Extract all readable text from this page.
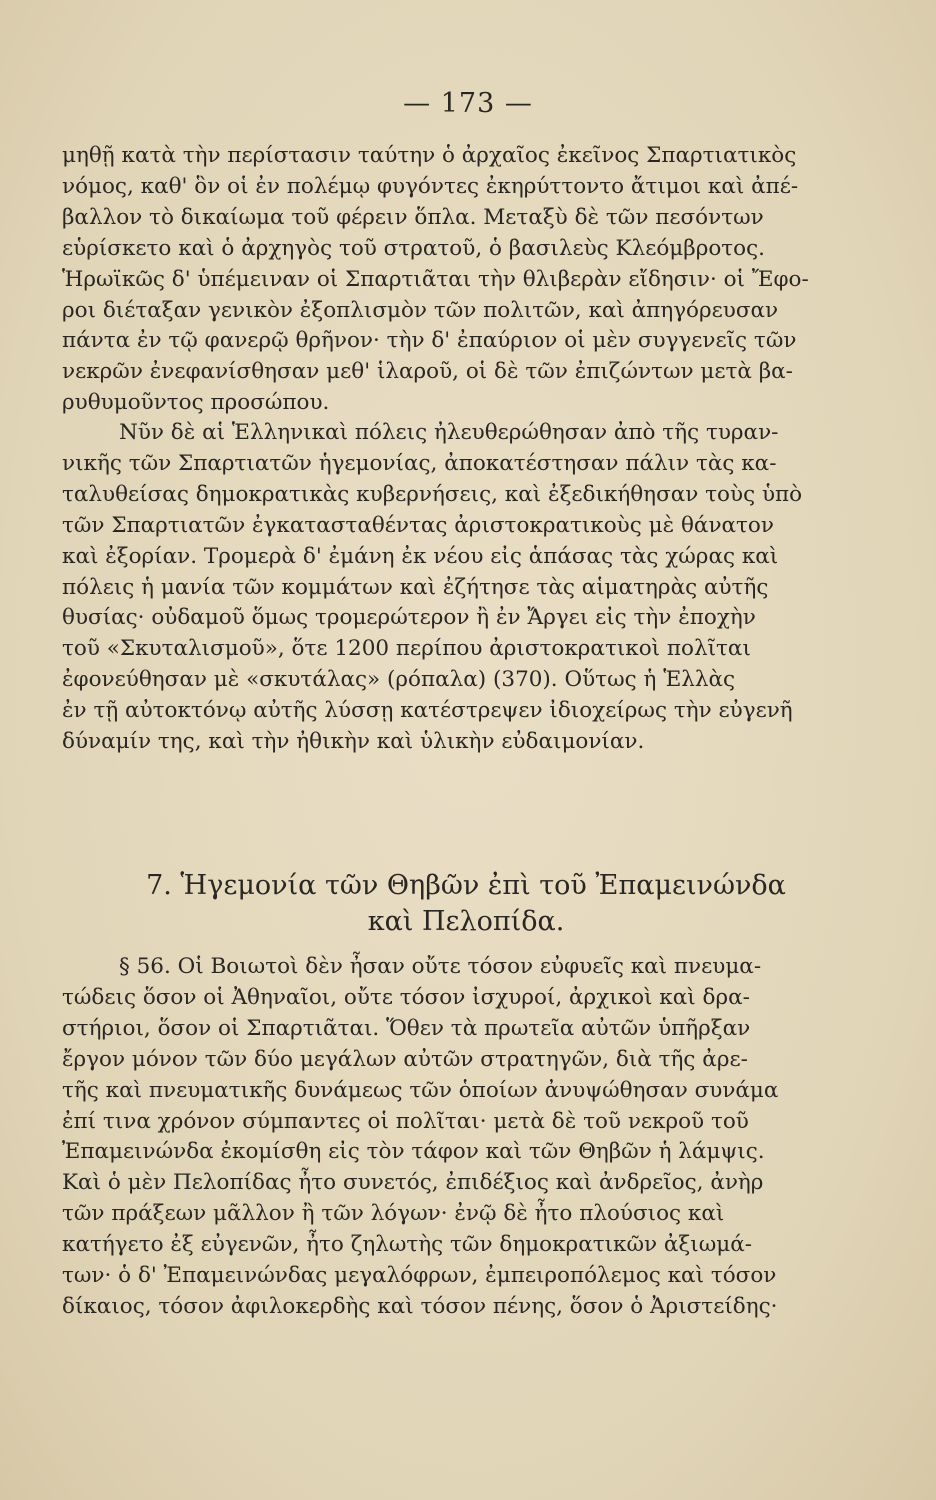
— 173 —
μηθῇ κατὰ τὴν περίστασιν ταύτην ὁ ἀρχαῖος ἐκεῖνος Σπαρτιατικὸς
νόμος, καθ' ὃν οἱ ἐν πολέμῳ φυγόντες ἐκηρύττοντο ἄτιμοι καὶ ἀπέ-
βαλλον τὸ δικαίωμα τοῦ φέρειν ὅπλα. Μεταξὺ δὲ τῶν πεσόντων
εὑρίσκετο καὶ ὁ ἀρχηγὸς τοῦ στρατοῦ, ὁ βασιλεὺς Κλεόμβροτος.
Ἡρωϊκῶς δ' ὑπέμειναν οἱ Σπαρτιᾶται τὴν θλιβερὰν εἴδησιν· οἱ Ἔφο-
ροι διέταξαν γενικὸν ἐξοπλισμὸν τῶν πολιτῶν, καὶ ἀπηγόρευσαν
πάντα ἐν τῷ φανερῷ θρῆνον· τὴν δ' ἐπαύριον οἱ μὲν συγγενεῖς τῶν
νεκρῶν ἐνεφανίσθησαν μεθ' ἱλαροῦ, οἱ δὲ τῶν ἐπιζώντων μετὰ βα-
ρυθυμοῦντος προσώπου.
Νῦν δὲ αἱ Ἑλληνικαὶ πόλεις ἠλευθερώθησαν ἀπὸ τῆς τυραν-
νικῆς τῶν Σπαρτιατῶν ἡγεμονίας, ἀποκατέστησαν πάλιν τὰς κα-
ταλυθείσας δημοκρατικὰς κυβερνήσεις, καὶ ἐξεδικήθησαν τοὺς ὑπὸ
τῶν Σπαρτιατῶν ἐγκατασταθέντας ἀριστοκρατικοὺς μὲ θάνατον
καὶ ἐξορίαν. Τρομερὰ δ' ἐμάνη ἐκ νέου εἰς ἁπάσας τὰς χώρας καὶ
πόλεις ἡ μανία τῶν κομμάτων καὶ ἐζήτησε τὰς αἱματηρὰς αὐτῆς
θυσίας· οὐδαμοῦ ὅμως τρομερώτερον ἢ ἐν Ἄργει εἰς τὴν ἐποχὴν
τοῦ «Σκυταλισμοῦ», ὅτε 1200 περίπου ἀριστοκρατικοὶ πολῖται
ἐφονεύθησαν μὲ «σκυτάλας» (ρόπαλα) (370). Οὕτως ἡ Ἑλλὰς
ἐν τῇ αὐτοκτόνῳ αὐτῆς λύσσῃ κατέστρεψεν ἰδιοχείρως τὴν εὐγενῆ
δύναμίν της, καὶ τὴν ἠθικὴν καὶ ὑλικὴν εὐδαιμονίαν.
7. Ἡγεμονία τῶν Θηβῶν ἐπὶ τοῦ Ἐπαμεινώνδα
καὶ Πελοπίδα.
§ 56. Οἱ Βοιωτοὶ δὲν ἦσαν οὔτε τόσον εὐφυεῖς καὶ πνευμα-
τώδεις ὅσον οἱ Ἀθηναῖοι, οὔτε τόσον ἰσχυροί, ἀρχικοὶ καὶ δρα-
στήριοι, ὅσον οἱ Σπαρτιᾶται. Ὅθεν τὰ πρωτεῖα αὐτῶν ὑπῆρξαν
ἔργον μόνον τῶν δύο μεγάλων αὐτῶν στρατηγῶν, διὰ τῆς ἀρε-
τῆς καὶ πνευματικῆς δυνάμεως τῶν ὁποίων ἀνυψώθησαν συνάμα
ἐπί τινα χρόνον σύμπαντες οἱ πολῖται· μετὰ δὲ τοῦ νεκροῦ τοῦ
Ἐπαμεινώνδα ἐκομίσθη εἰς τὸν τάφον καὶ τῶν Θηβῶν ἡ λάμψις.
Καὶ ὁ μὲν Πελοπίδας ἦτο συνετός, ἐπιδέξιος καὶ ἀνδρεῖος, ἀνὴρ
τῶν πράξεων μᾶλλον ἢ τῶν λόγων· ἐνῷ δὲ ἦτο πλούσιος καὶ
κατήγετο ἐξ εὐγενῶν, ἦτο ζηλωτὴς τῶν δημοκρατικῶν ἀξιωμά-
των· ὁ δ' Ἐπαμεινώνδας μεγαλόφρων, ἐμπειροπόλεμος καὶ τόσον
δίκαιος, τόσον ἀφιλοκερδὴς καὶ τόσον πένης, ὅσον ὁ Ἀριστείδης·
